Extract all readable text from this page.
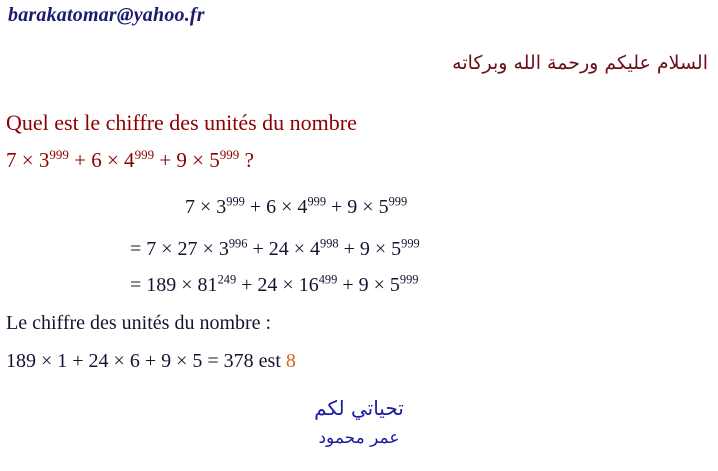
barakatomar@yahoo.fr
السلام عليكم ورحمة الله وبركاته
Quel est le chiffre des unités du nombre
$7 \times 3^{999} + 6 \times 4^{999} + 9 \times 5^{999}$ ?
$7 \times 3^{999} + 6 \times 4^{999} + 9 \times 5^{999}$
= $7 \times 27 \times 3^{996} + 24 \times 4^{998} + 9 \times 5^{999}$
= $189 \times 81^{249} + 24 \times 16^{499} + 9 \times 5^{999}$
Le chiffre des unités du nombre :
189 × 1 + 24 × 6 + 9 × 5 = 378 est 8
تحياتي لكم
عمر محمود
